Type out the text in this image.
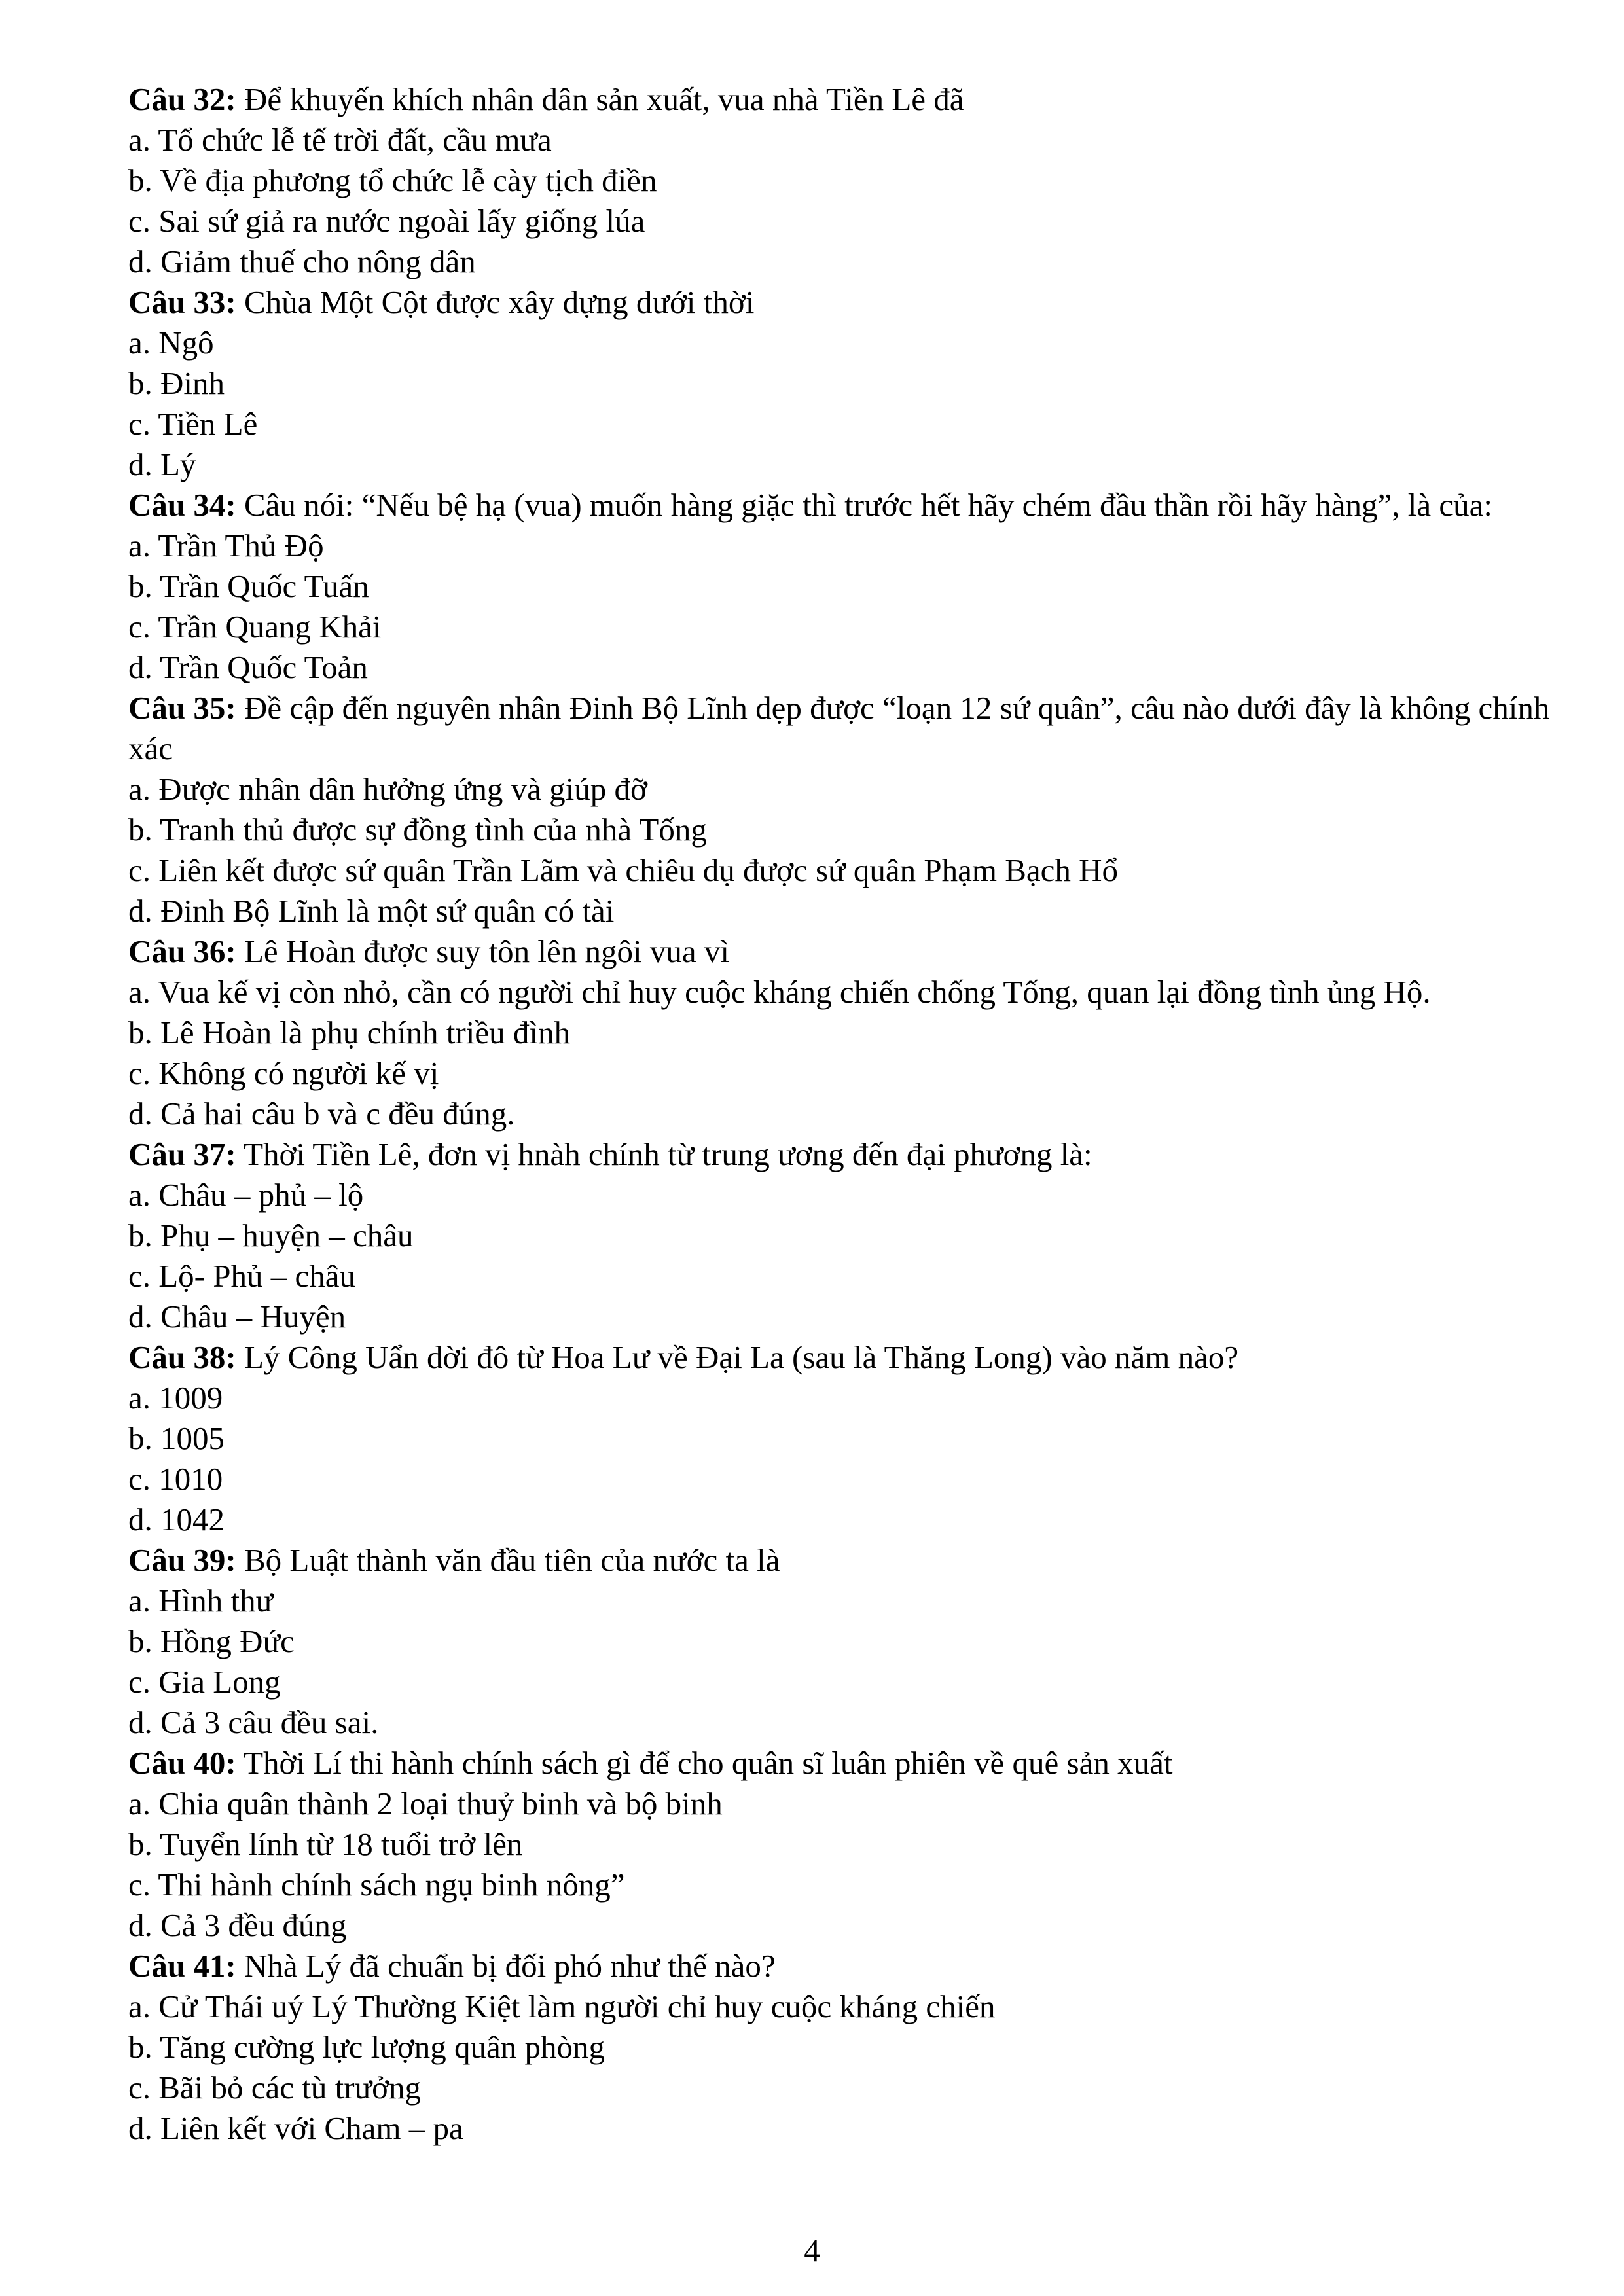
Câu 32: Để khuyến khích nhân dân sản xuất, vua nhà Tiền Lê đã
a. Tổ chức lễ tế trời đất, cầu mưa
b. Về địa phương tổ chức lễ cày tịch điền
c. Sai sứ giả ra nước ngoài lấy giống lúa
d. Giảm thuế cho nông dân
Câu 33: Chùa Một Cột được xây dựng dưới thời
a. Ngô
b. Đinh
c. Tiền Lê
d. Lý
Câu 34: Câu nói: “Nếu bệ hạ (vua) muốn hàng giặc thì trước hết hãy chém đầu thần rồi hãy hàng”, là của:
a. Trần Thủ Độ
b. Trần Quốc Tuấn
c. Trần Quang Khải
d. Trần Quốc Toản
Câu 35: Đề cập đến nguyên nhân Đinh Bộ Lĩnh dẹp được “loạn 12 sứ quân”, câu nào dưới đây là không chính xác
a. Được nhân dân hưởng ứng và giúp đỡ
b. Tranh thủ được sự đồng tình của nhà Tống
c. Liên kết được sứ quân Trần Lãm và chiêu dụ được sứ quân Phạm Bạch Hổ
d. Đinh Bộ Lĩnh là một sứ quân có tài
Câu 36: Lê Hoàn được suy tôn lên ngôi vua vì
a. Vua kế vị còn nhỏ, cần có người chỉ huy cuộc kháng chiến chống Tống, quan lại đồng tình ủng Hộ.
b. Lê Hoàn là phụ chính triều đình
c. Không có người kế vị
d. Cả hai câu b và c đều đúng.
Câu 37: Thời Tiền Lê, đơn vị hnàh chính từ trung ương đến đại phương là:
a. Châu – phủ – lộ
b. Phụ – huyện – châu
c. Lộ- Phủ – châu
d. Châu – Huyện
Câu 38: Lý Công Uẩn dời đô từ Hoa Lư về Đại La (sau là Thăng Long) vào năm nào?
a. 1009
b. 1005
c. 1010
d. 1042
Câu 39: Bộ Luật thành văn đầu tiên của nước ta là
a. Hình thư
b. Hồng Đức
c. Gia Long
d. Cả 3 câu đều sai.
Câu 40: Thời Lí thi hành chính sách gì để cho quân sĩ luân phiên về quê sản xuất
a. Chia quân thành 2 loại thuỷ binh và bộ binh
b. Tuyển lính từ 18 tuổi trở lên
c. Thi hành chính sách ngụ binh nông”
d. Cả 3 đều đúng
Câu 41: Nhà Lý đã chuẩn bị đối phó như thế nào?
a. Cử Thái uý Lý Thường Kiệt làm người chỉ huy cuộc kháng chiến
b. Tăng cường lực lượng quân phòng
c. Bãi bỏ các tù trưởng
d. Liên kết với Cham – pa
4
